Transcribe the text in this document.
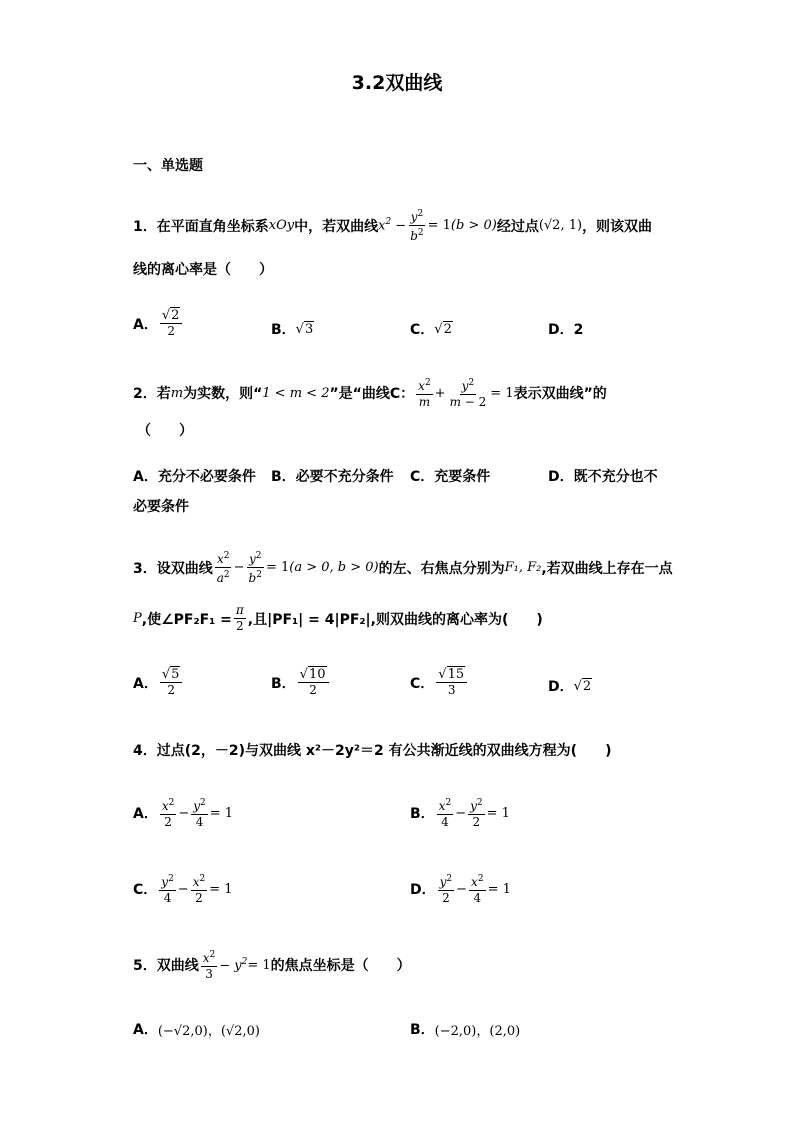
3.2双曲线
一、单选题
1．在平面直角坐标系 xOy 中，若双曲线 $x^2 - \frac{y^2}{b^2} = 1$ (b > 0) 经过点 (√2, 1) ，则该双曲
线的离心率是（　　）
A． $\frac{√2}{2}$	B． √3	C． √2	D．2
2．若 m 为实数，则“ 1 < m < 2 ”是“曲线 C： $\frac{x^2}{m} + \frac{y^2}{m - 2} = 1$ 表示双曲线”的
（　　）
A．充分不必要条件 B．必要不充分条件 C．充要条件	D．既不充分也不
必要条件
3．设双曲线 $\frac{x^2}{a^2} - \frac{y^2}{b^2} = 1$ (a > 0, b > 0) 的左、右焦点分别为 F₁, F₂ ,若双曲线上存在一点
P ,使∠PF₂F₁ = $\frac{\pi}{2}$ ,且|PF₁| = 4|PF₂|,则双曲线的离心率为(　　)
A． $\frac{√5}{2}$	B． $\frac{√10}{2}$	C． $\frac{√15}{3}$	D． √2
4．过点(2，－2)与双曲线 x²－2y²＝2 有公共渐近线的双曲线方程为(　　)
A． $\frac{x^2}{2} - \frac{y^2}{4} = 1$	B． $\frac{x^2}{4} - \frac{y^2}{2} = 1$
C． $\frac{y^2}{4} - \frac{x^2}{2} = 1$	D． $\frac{y^2}{2} - \frac{x^2}{4} = 1$
5．双曲线 $\frac{x^2}{3} - y^2 = 1$ 的焦点坐标是（　　）
A． (−√2,0)，(√2,0)	B． (−2,0)，(2,0)
